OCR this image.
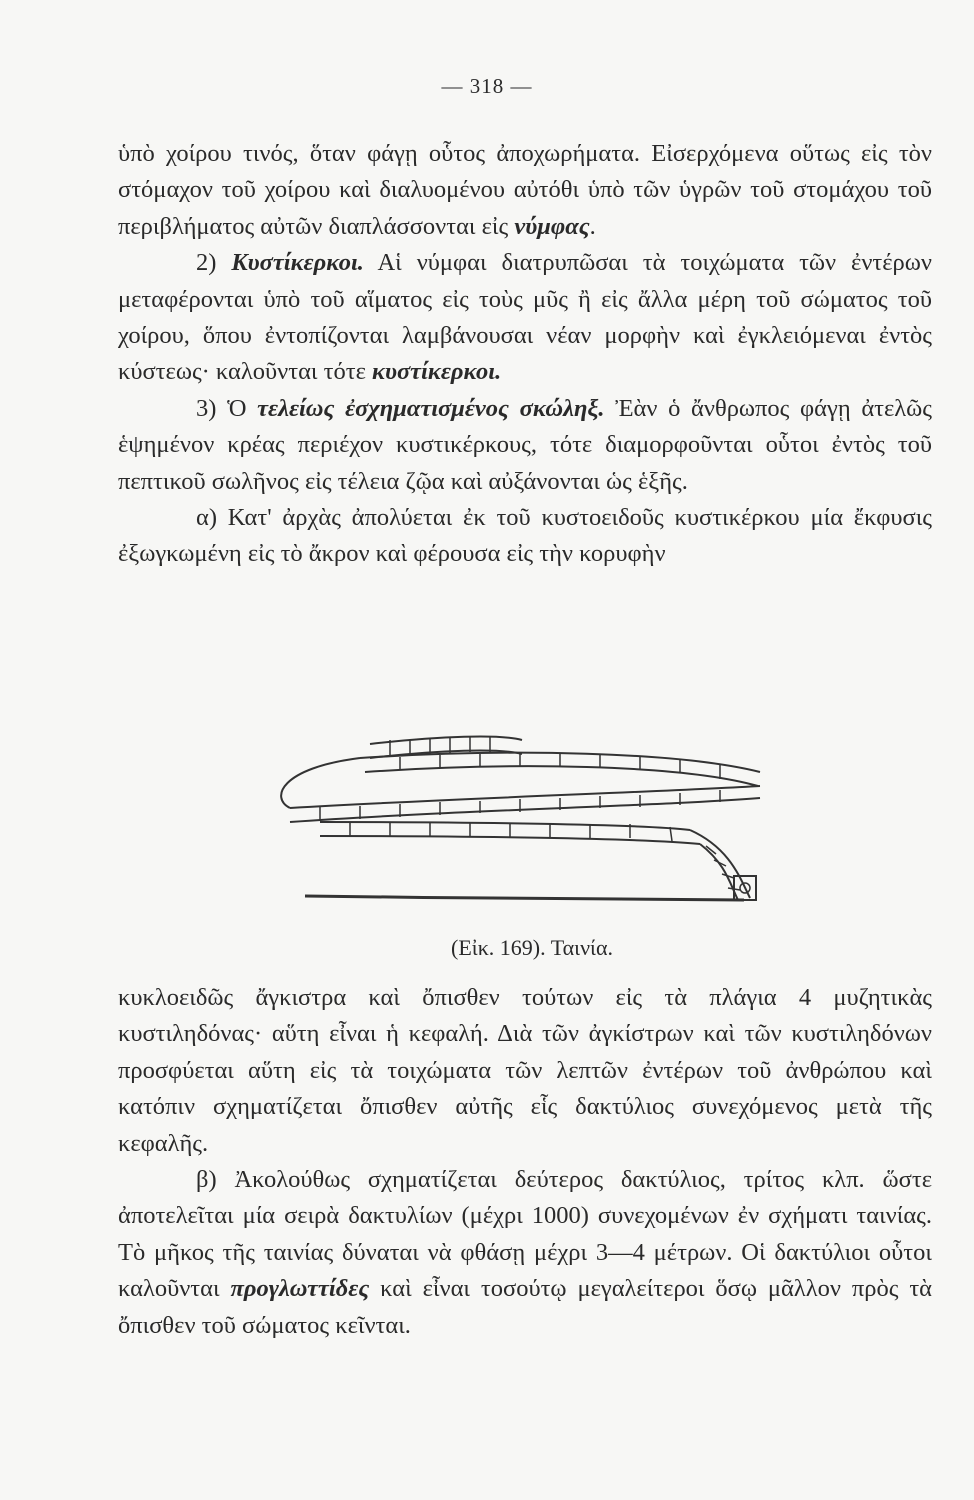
— 318 —

ὑπὸ χοίρου τινός, ὅταν φάγῃ οὗτος ἀποχωρήματα. Εἰσερχόμενα οὕτως εἰς τὸν στόμαχον τοῦ χοίρου καὶ διαλυομένου αὐτόθι ὑπὸ τῶν ὑγρῶν τοῦ στομάχου τοῦ περιβλήματος αὐτῶν διαπλάσσονται εἰς νύμφας.

2) Κυστίκερκοι. Αἱ νύμφαι διατρυπῶσαι τὰ τοιχώματα τῶν ἐντέρων μεταφέρονται ὑπὸ τοῦ αἵματος εἰς τοὺς μῦς ἢ εἰς ἄλλα μέρη τοῦ σώματος τοῦ χοίρου, ὅπου ἐντοπίζονται λαμβάνουσαι νέαν μορφὴν καὶ ἐγκλειόμεναι ἐντὸς κύστεως· καλοῦνται τότε κυστίκερκοι.

3) Ὁ τελείως ἐσχηματισμένος σκώληξ. Ἐὰν ὁ ἄνθρωπος φάγῃ ἀτελῶς ἑψημένον κρέας περιέχον κυστικέρκους, τότε διαμορφοῦνται οὗτοι ἐντὸς τοῦ πεπτικοῦ σωλῆνος εἰς τέλεια ζῷα καὶ αὐξάνονται ὡς ἑξῆς.

α) Κατ' ἀρχὰς ἀπολύεται ἐκ τοῦ κυστοειδοῦς κυστικέρκου μία ἔκφυσις ἐξωγκωμένη εἰς τὸ ἄκρον καὶ φέρουσα εἰς τὴν κορυφὴν

(Εἰκ. 169). Ταινία.

κυκλοειδῶς ἄγκιστρα καὶ ὄπισθεν τούτων εἰς τὰ πλάγια 4 μυζητικὰς κυστιληδόνας· αὕτη εἶναι ἡ κεφαλή. Διὰ τῶν ἀγκίστρων καὶ τῶν κυστιληδόνων προσφύεται αὕτη εἰς τὰ τοιχώματα τῶν λεπτῶν ἐντέρων τοῦ ἀνθρώπου καὶ κατόπιν σχηματίζεται ὄπισθεν αὐτῆς εἷς δακτύλιος συνεχόμενος μετὰ τῆς κεφαλῆς.

β) Ἀκολούθως σχηματίζεται δεύτερος δακτύλιος, τρίτος κλπ. ὥστε ἀποτελεῖται μία σειρὰ δακτυλίων (μέχρι 1000) συνεχομένων ἐν σχήματι ταινίας. Τὸ μῆκος τῆς ταινίας δύναται νὰ φθάσῃ μέχρι 3—4 μέτρων. Οἱ δακτύλιοι οὗτοι καλοῦνται προγλωττίδες καὶ εἶναι τοσούτῳ μεγαλείτεροι ὅσῳ μᾶλλον πρὸς τὰ ὄπισθεν τοῦ σώματος κεῖνται.
